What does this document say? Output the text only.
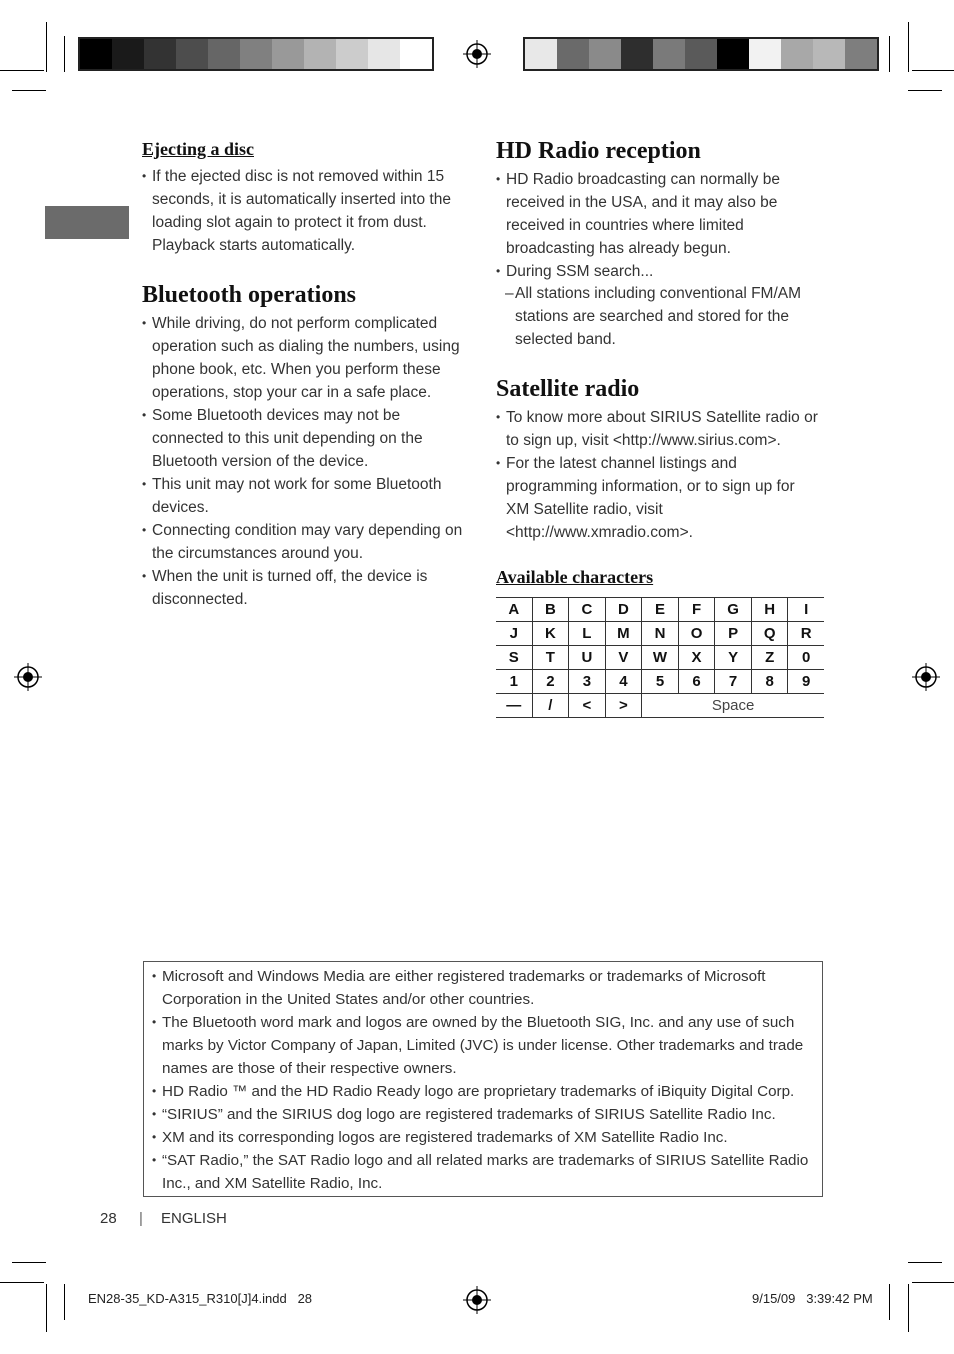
Ejecting a disc
• If the ejected disc is not removed within 15 seconds, it is automatically inserted into the loading slot again to protect it from dust. Playback starts automatically.
Bluetooth operations
• While driving, do not perform complicated operation such as dialing the numbers, using phone book, etc. When you perform these operations, stop your car in a safe place.
• Some Bluetooth devices may not be connected to this unit depending on the Bluetooth version of the device.
• This unit may not work for some Bluetooth devices.
• Connecting condition may vary depending on the circumstances around you.
• When the unit is turned off, the device is disconnected.
HD Radio reception
• HD Radio broadcasting can normally be received in the USA, and it may also be received in countries where limited broadcasting has already begun.
• During SSM search...
– All stations including conventional FM/AM stations are searched and stored for the selected band.
Satellite radio
• To know more about SIRIUS Satellite radio or to sign up, visit <http://www.sirius.com>.
• For the latest channel listings and programming information, or to sign up for XM Satellite radio, visit <http://www.xmradio.com>.
Available characters
A	B	C	D	E	F	G	H	I
J	K	L	M	N	O	P	Q	R
S	T	U	V	W	X	Y	Z	0
1	2	3	4	5	6	7	8	9
—	/	<	>	Space				
• Microsoft and Windows Media are either registered trademarks or trademarks of Microsoft Corporation in the United States and/or other countries.
• The Bluetooth word mark and logos are owned by the Bluetooth SIG, Inc. and any use of such marks by Victor Company of Japan, Limited (JVC) is under license. Other trademarks and trade names are those of their respective owners.
• HD Radio ™ and the HD Radio Ready logo are proprietary trademarks of iBiquity Digital Corp.
• “SIRIUS” and the SIRIUS dog logo are registered trademarks of SIRIUS Satellite Radio Inc.
• XM and its corresponding logos are registered trademarks of XM Satellite Radio Inc.
• “SAT Radio,” the SAT Radio logo and all related marks are trademarks of SIRIUS Satellite Radio Inc., and XM Satellite Radio, Inc.
28 | ENGLISH
EN28-35_KD-A315_R310[J]4.indd   28	9/15/09   3:39:42 PM
